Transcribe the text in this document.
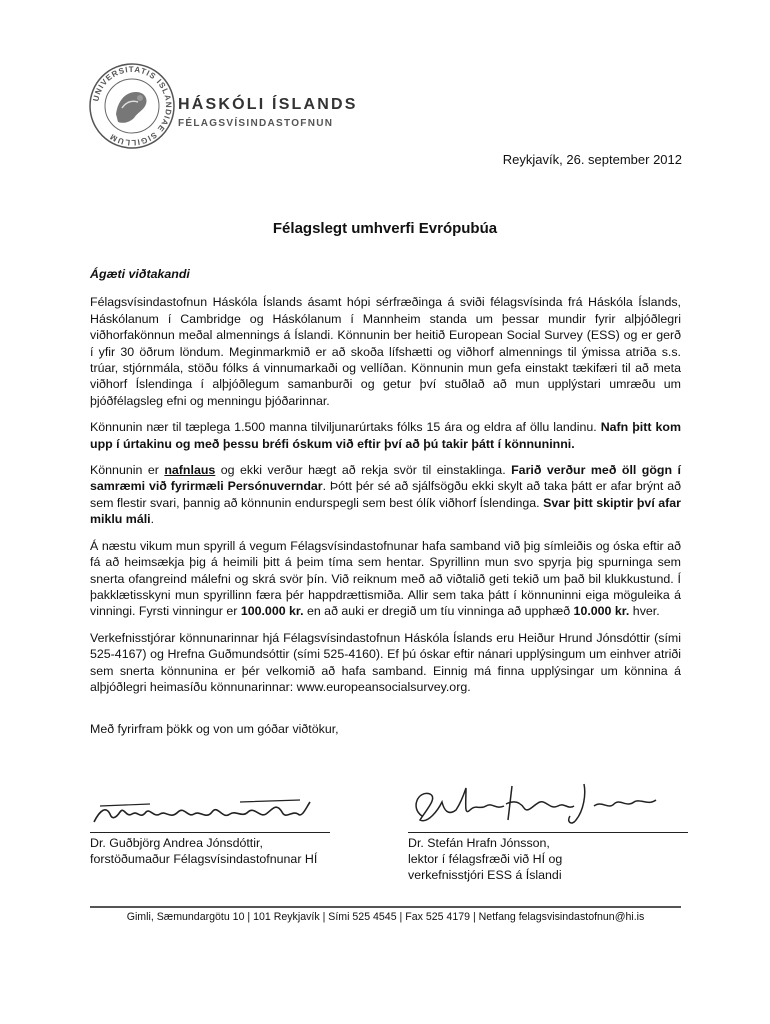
UNIVERSITATIS ISLANDIAE SIGILLUM
HÁSKÓLI ÍSLANDS
FÉLAGSVÍSINDASTOFNUN
Reykjavík, 26. september 2012
Félagslegt umhverfi Evrópubúa
Ágæti viðtakandi

Félagsvísindastofnun Háskóla Íslands ásamt hópi sérfræðinga á sviði félagsvísinda frá Háskóla Íslands, Háskólanum í Cambridge og Háskólanum í Mannheim standa um þessar mundir fyrir alþjóðlegri viðhorfakönnun meðal almennings á Íslandi. Könnunin ber heitið European Social Survey (ESS) og er gerð í yfir 30 öðrum löndum. Meginmarkmið er að skoða lífshætti og viðhorf almennings til ýmissa atriða s.s. trúar, stjórnmála, stöðu fólks á vinnumarkaði og vellíðan. Könnunin mun gefa einstakt tækifæri til að meta viðhorf Íslendinga í alþjóðlegum samanburði og getur því stuðlað að mun upplýstari umræðu um þjóðfélagsleg efni og menningu þjóðarinnar.

Könnunin nær til tæplega 1.500 manna tilviljunarúrtaks fólks 15 ára og eldra af öllu landinu. Nafn þitt kom upp í úrtakinu og með þessu bréfi óskum við eftir því að þú takir þátt í könnuninni.

Könnunin er nafnlaus og ekki verður hægt að rekja svör til einstaklinga. Farið verður með öll gögn í samræmi við fyrirmæli Persónuverndar. Þótt þér sé að sjálfsögðu ekki skylt að taka þátt er afar brýnt að sem flestir svari, þannig að könnunin endurspegli sem best ólík viðhorf Íslendinga. Svar þitt skiptir því afar miklu máli.

Á næstu vikum mun spyrill á vegum Félagsvísindastofnunar hafa samband við þig símleiðis og óska eftir að fá að heimsækja þig á heimili þitt á þeim tíma sem hentar. Spyrillinn mun svo spyrja þig spurninga sem snerta ofangreind málefni og skrá svör þín. Við reiknum með að viðtalið geti tekið um það bil klukkustund. Í þakklætisskyni mun spyrillinn færa þér happdrættismiða. Allir sem taka þátt í könnuninni eiga möguleika á vinningi. Fyrsti vinningur er 100.000 kr. en að auki er dregið um tíu vinninga að upphæð 10.000 kr. hver.

Verkefnisstjórar könnunarinnar hjá Félagsvísindastofnun Háskóla Íslands eru Heiður Hrund Jónsdóttir (sími 525-4167) og Hrefna Guðmundsóttir (sími 525-4160). Ef þú óskar eftir nánari upplýsingum um einhver atriði sem snerta könnunina er þér velkomið að hafa samband. Einnig má finna upplýsingar um könnina á alþjóðlegri heimasíðu könnunarinnar: www.europeansocialsurvey.org.

Með fyrirfram þökk og von um góðar viðtökur,

Dr. Guðbjörg Andrea Jónsdóttir,
forstöðumaður Félagsvísindastofnunar HÍ
Dr. Stefán Hrafn Jónsson,
lektor í félagsfræði við HÍ og
verkefnisstjóri ESS á Íslandi
Gimli, Sæmundargötu 10 | 101 Reykjavík | Sími 525 4545 | Fax 525 4179 | Netfang felagsvisindastofnun@hi.is
